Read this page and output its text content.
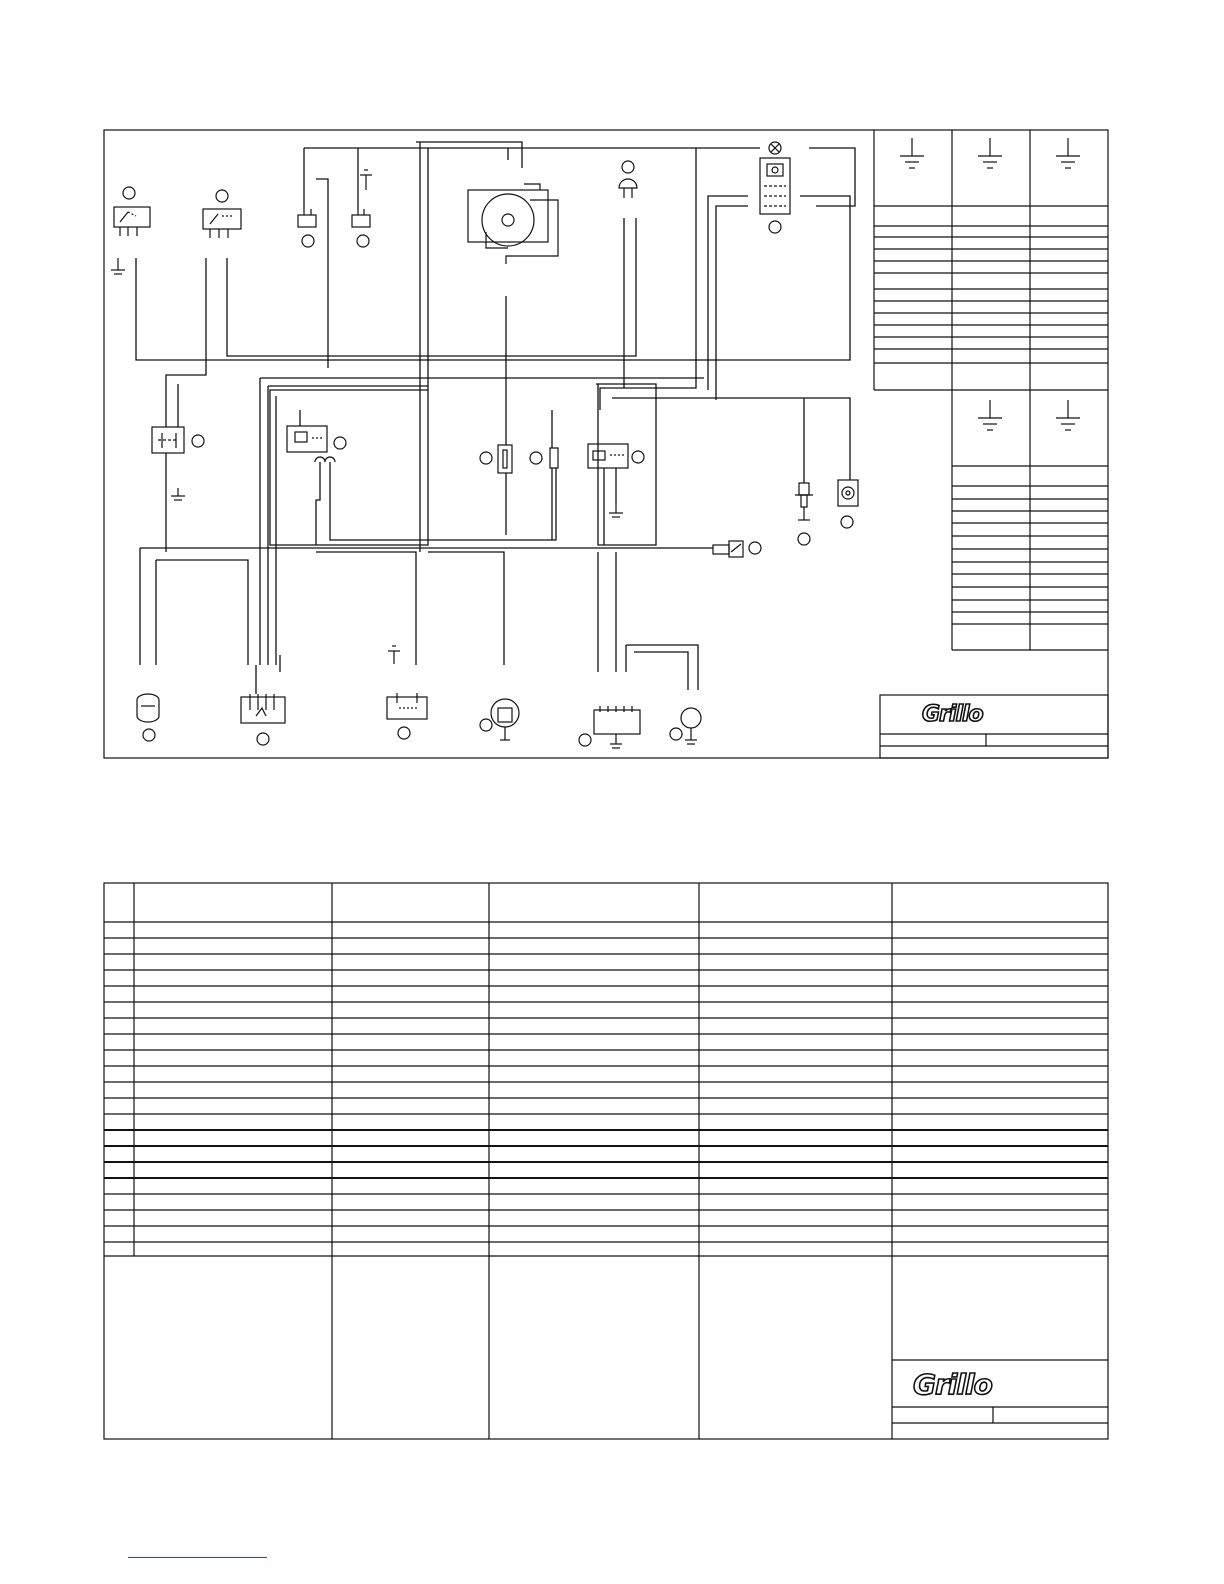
Grillo
Grillo
